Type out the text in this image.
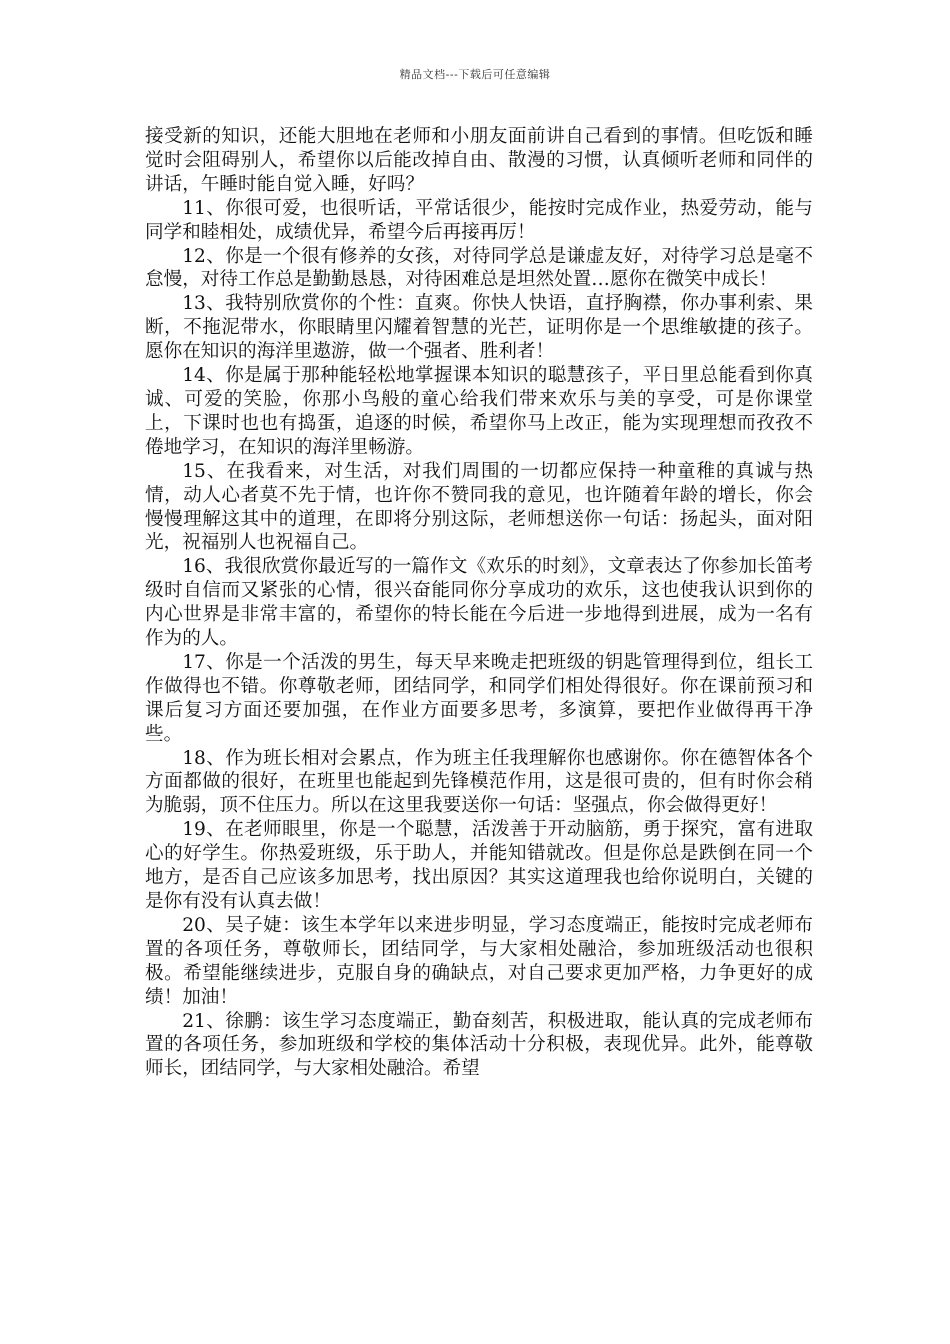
精品文档---下载后可任意编辑

接受新的知识，还能大胆地在老师和小朋友面前讲自己看到的事情。但吃饭和睡觉时会阻碍别人，希望你以后能改掉自由、散漫的习惯，认真倾听老师和同伴的讲话，午睡时能自觉入睡，好吗？

11、你很可爱，也很听话，平常话很少，能按时完成作业，热爱劳动，能与同学和睦相处，成绩优异，希望今后再接再厉！

12、你是一个很有修养的女孩，对待同学总是谦虚友好，对待学习总是毫不怠慢，对待工作总是勤勤恳恳，对待困难总是坦然处置…愿你在微笑中成长！

13、我特别欣赏你的个性：直爽。你快人快语，直抒胸襟，你办事利索、果断，不拖泥带水，你眼睛里闪耀着智慧的光芒，证明你是一个思维敏捷的孩子。愿你在知识的海洋里遨游，做一个强者、胜利者！

14、你是属于那种能轻松地掌握课本知识的聪慧孩子，平日里总能看到你真诚、可爱的笑脸，你那小鸟般的童心给我们带来欢乐与美的享受，可是你课堂上，下课时也也有捣蛋，追逐的时候，希望你马上改正，能为实现理想而孜孜不倦地学习，在知识的海洋里畅游。

15、在我看来，对生活，对我们周围的一切都应保持一种童稚的真诚与热情，动人心者莫不先于情，也许你不赞同我的意见，也许随着年龄的增长，你会慢慢理解这其中的道理，在即将分别这际，老师想送你一句话：扬起头，面对阳光，祝福别人也祝福自己。

16、我很欣赏你最近写的一篇作文《欢乐的时刻》，文章表达了你参加长笛考级时自信而又紧张的心情，很兴奋能同你分享成功的欢乐，这也使我认识到你的内心世界是非常丰富的，希望你的特长能在今后进一步地得到进展，成为一名有作为的人。

17、你是一个活泼的男生，每天早来晚走把班级的钥匙管理得到位，组长工作做得也不错。你尊敬老师，团结同学，和同学们相处得很好。你在课前预习和课后复习方面还要加强，在作业方面要多思考，多演算，要把作业做得再干净些。

18、作为班长相对会累点，作为班主任我理解你也感谢你。你在德智体各个方面都做的很好，在班里也能起到先锋模范作用，这是很可贵的，但有时你会稍为脆弱，顶不住压力。所以在这里我要送你一句话：坚强点，你会做得更好！

19、在老师眼里，你是一个聪慧，活泼善于开动脑筋，勇于探究，富有进取心的好学生。你热爱班级，乐于助人，并能知错就改。但是你总是跌倒在同一个地方，是否自己应该多加思考，找出原因？其实这道理我也给你说明白，关键的是你有没有认真去做！

20、吴子婕：该生本学年以来进步明显，学习态度端正，能按时完成老师布置的各项任务，尊敬师长，团结同学，与大家相处融洽，参加班级活动也很积极。希望能继续进步，克服自身的确缺点，对自己要求更加严格，力争更好的成绩！加油！

21、徐鹏：该生学习态度端正，勤奋刻苦，积极进取，能认真的完成老师布置的各项任务，参加班级和学校的集体活动十分积极，表现优异。此外，能尊敬师长，团结同学，与大家相处融洽。希望
